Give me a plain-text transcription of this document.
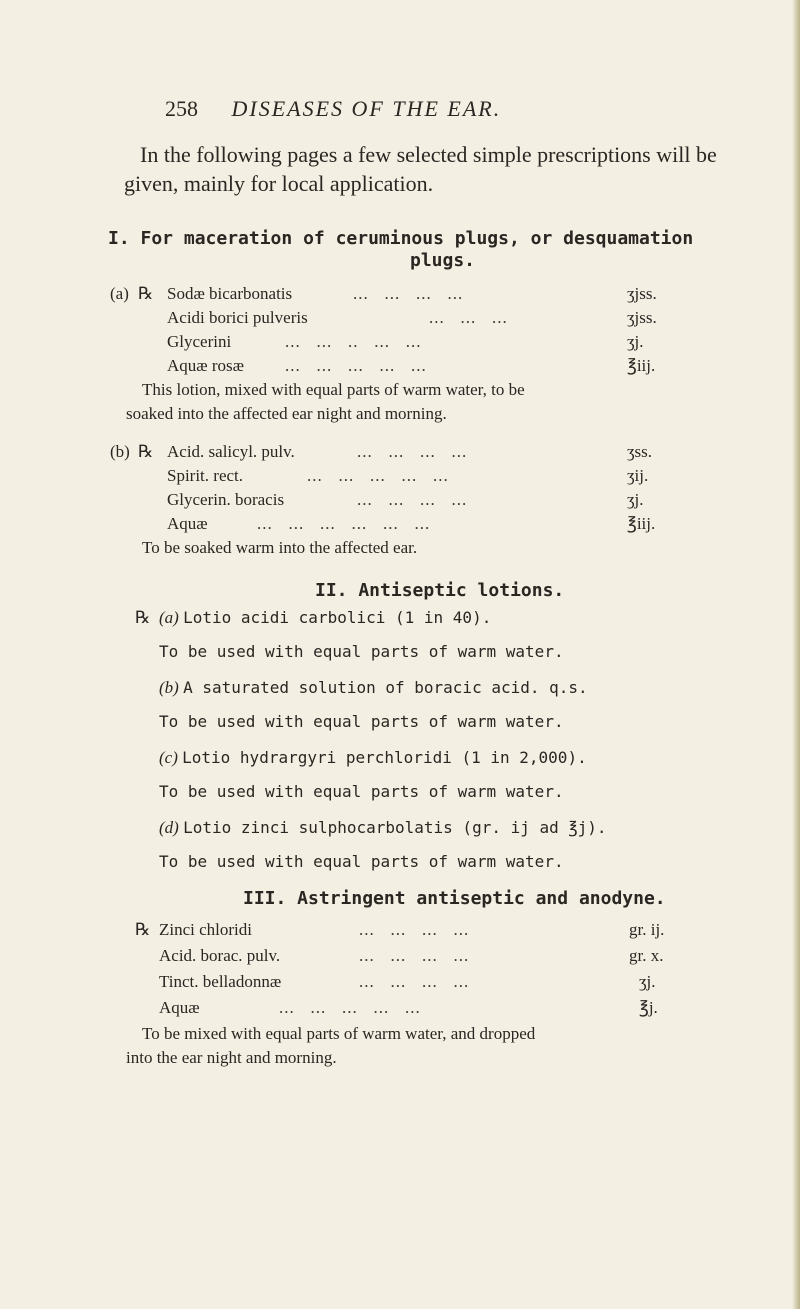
258 DISEASES OF THE EAR.

In the following pages a few selected simple prescriptions will be given, mainly for local application.

I. For maceration of ceruminous plugs, or desquamation
plugs.
(a) ℞ Sodæ bicarbonatis	...   ...   ...   ...	ʒjss.
Acidi borici pulveris	...   ...   ...	ʒjss.
Glycerini	...   ...   ..   ...   ...	ʒj.
Aquæ rosæ ...   ...   ...   ...   ...	℥iij.
This lotion, mixed with equal parts of warm water, to be
soaked into the affected ear night and morning.
(b) ℞ Acid. salicyl. pulv.	...   ...   ...   ...	ʒss.
Spirit. rect.	...   ...   ...   ...   ...	ʒij.
Glycerin. boracis	...   ...   ...   ...	ʒj.
Aquæ	...   ...   ...   ...   ...   ...	℥iij.
To be soaked warm into the affected ear.
II. Antiseptic lotions.
℞ (a) Lotio acidi carbolici (1 in 40).
To be used with equal parts of warm water.
(b) A saturated solution of boracic acid. q.s.
To be used with equal parts of warm water.
(c) Lotio hydrargyri perchloridi (1 in 2,000).
To be used with equal parts of warm water.
(d) Lotio zinci sulphocarbolatis (gr. ij ad ℥j).
To be used with equal parts of warm water.
III. Astringent antiseptic and anodyne.
℞ Zinci chloridi	...   ...   ...   ...	gr. ij.
Acid. borac. pulv.	...   ...   ...   ...	gr. x.
Tinct. belladonnæ	...   ...   ...   ...	ʒj.
Aquæ	...   ...   ...   ...   ...	℥j.
To be mixed with equal parts of warm water, and dropped
into the ear night and morning.
